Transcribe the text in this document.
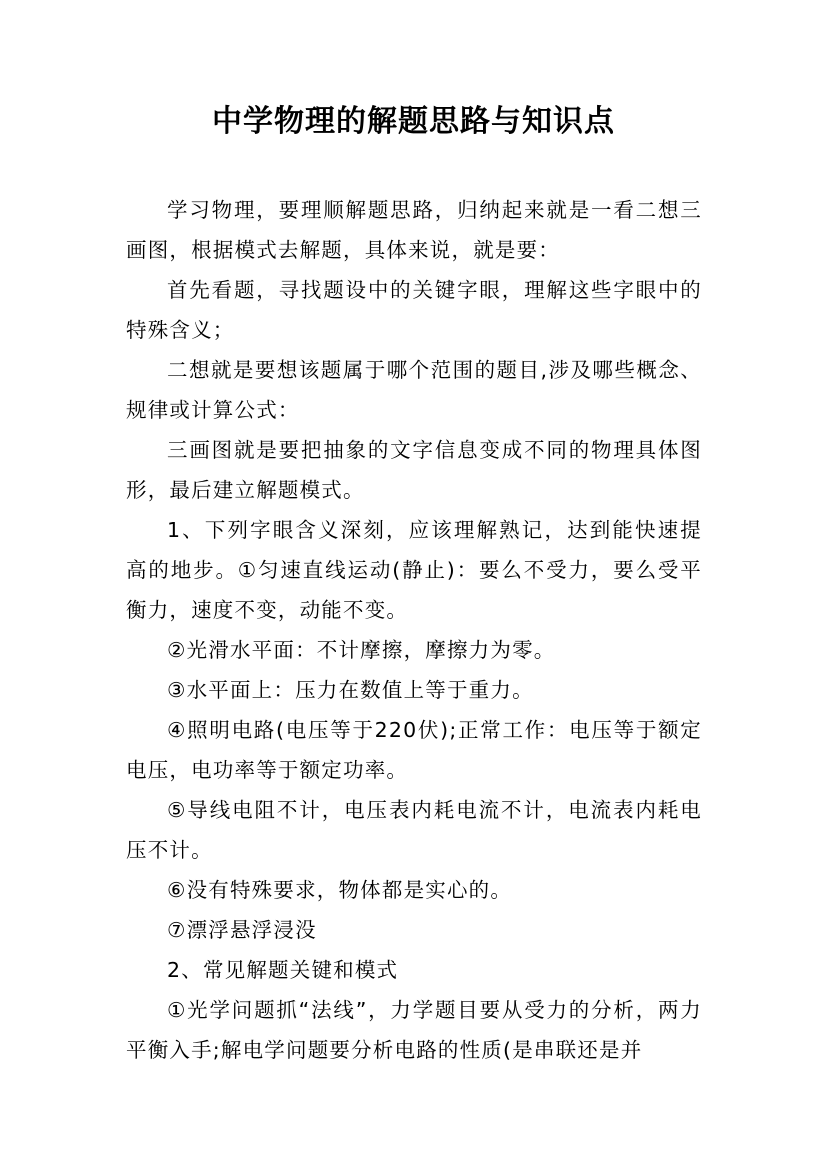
中学物理的解题思路与知识点

学习物理，要理顺解题思路，归纳起来就是一看二想三画图，根据模式去解题，具体来说，就是要：

首先看题，寻找题设中的关键字眼，理解这些字眼中的特殊含义；

二想就是要想该题属于哪个范围的题目,涉及哪些概念、规律或计算公式：

三画图就是要把抽象的文字信息变成不同的物理具体图形，最后建立解题模式。

1、下列字眼含义深刻，应该理解熟记，达到能快速提高的地步。①匀速直线运动(静止)：要么不受力，要么受平衡力，速度不变，动能不变。

②光滑水平面：不计摩擦，摩擦力为零。

③水平面上：压力在数值上等于重力。

④照明电路(电压等于220伏);正常工作：电压等于额定电压，电功率等于额定功率。

⑤导线电阻不计，电压表内耗电流不计，电流表内耗电压不计。

⑥没有特殊要求，物体都是实心的。

⑦漂浮悬浮浸没

2、常见解题关键和模式

①光学问题抓“法线”，力学题目要从受力的分析，两力平衡入手;解电学问题要分析电路的性质(是串联还是并
